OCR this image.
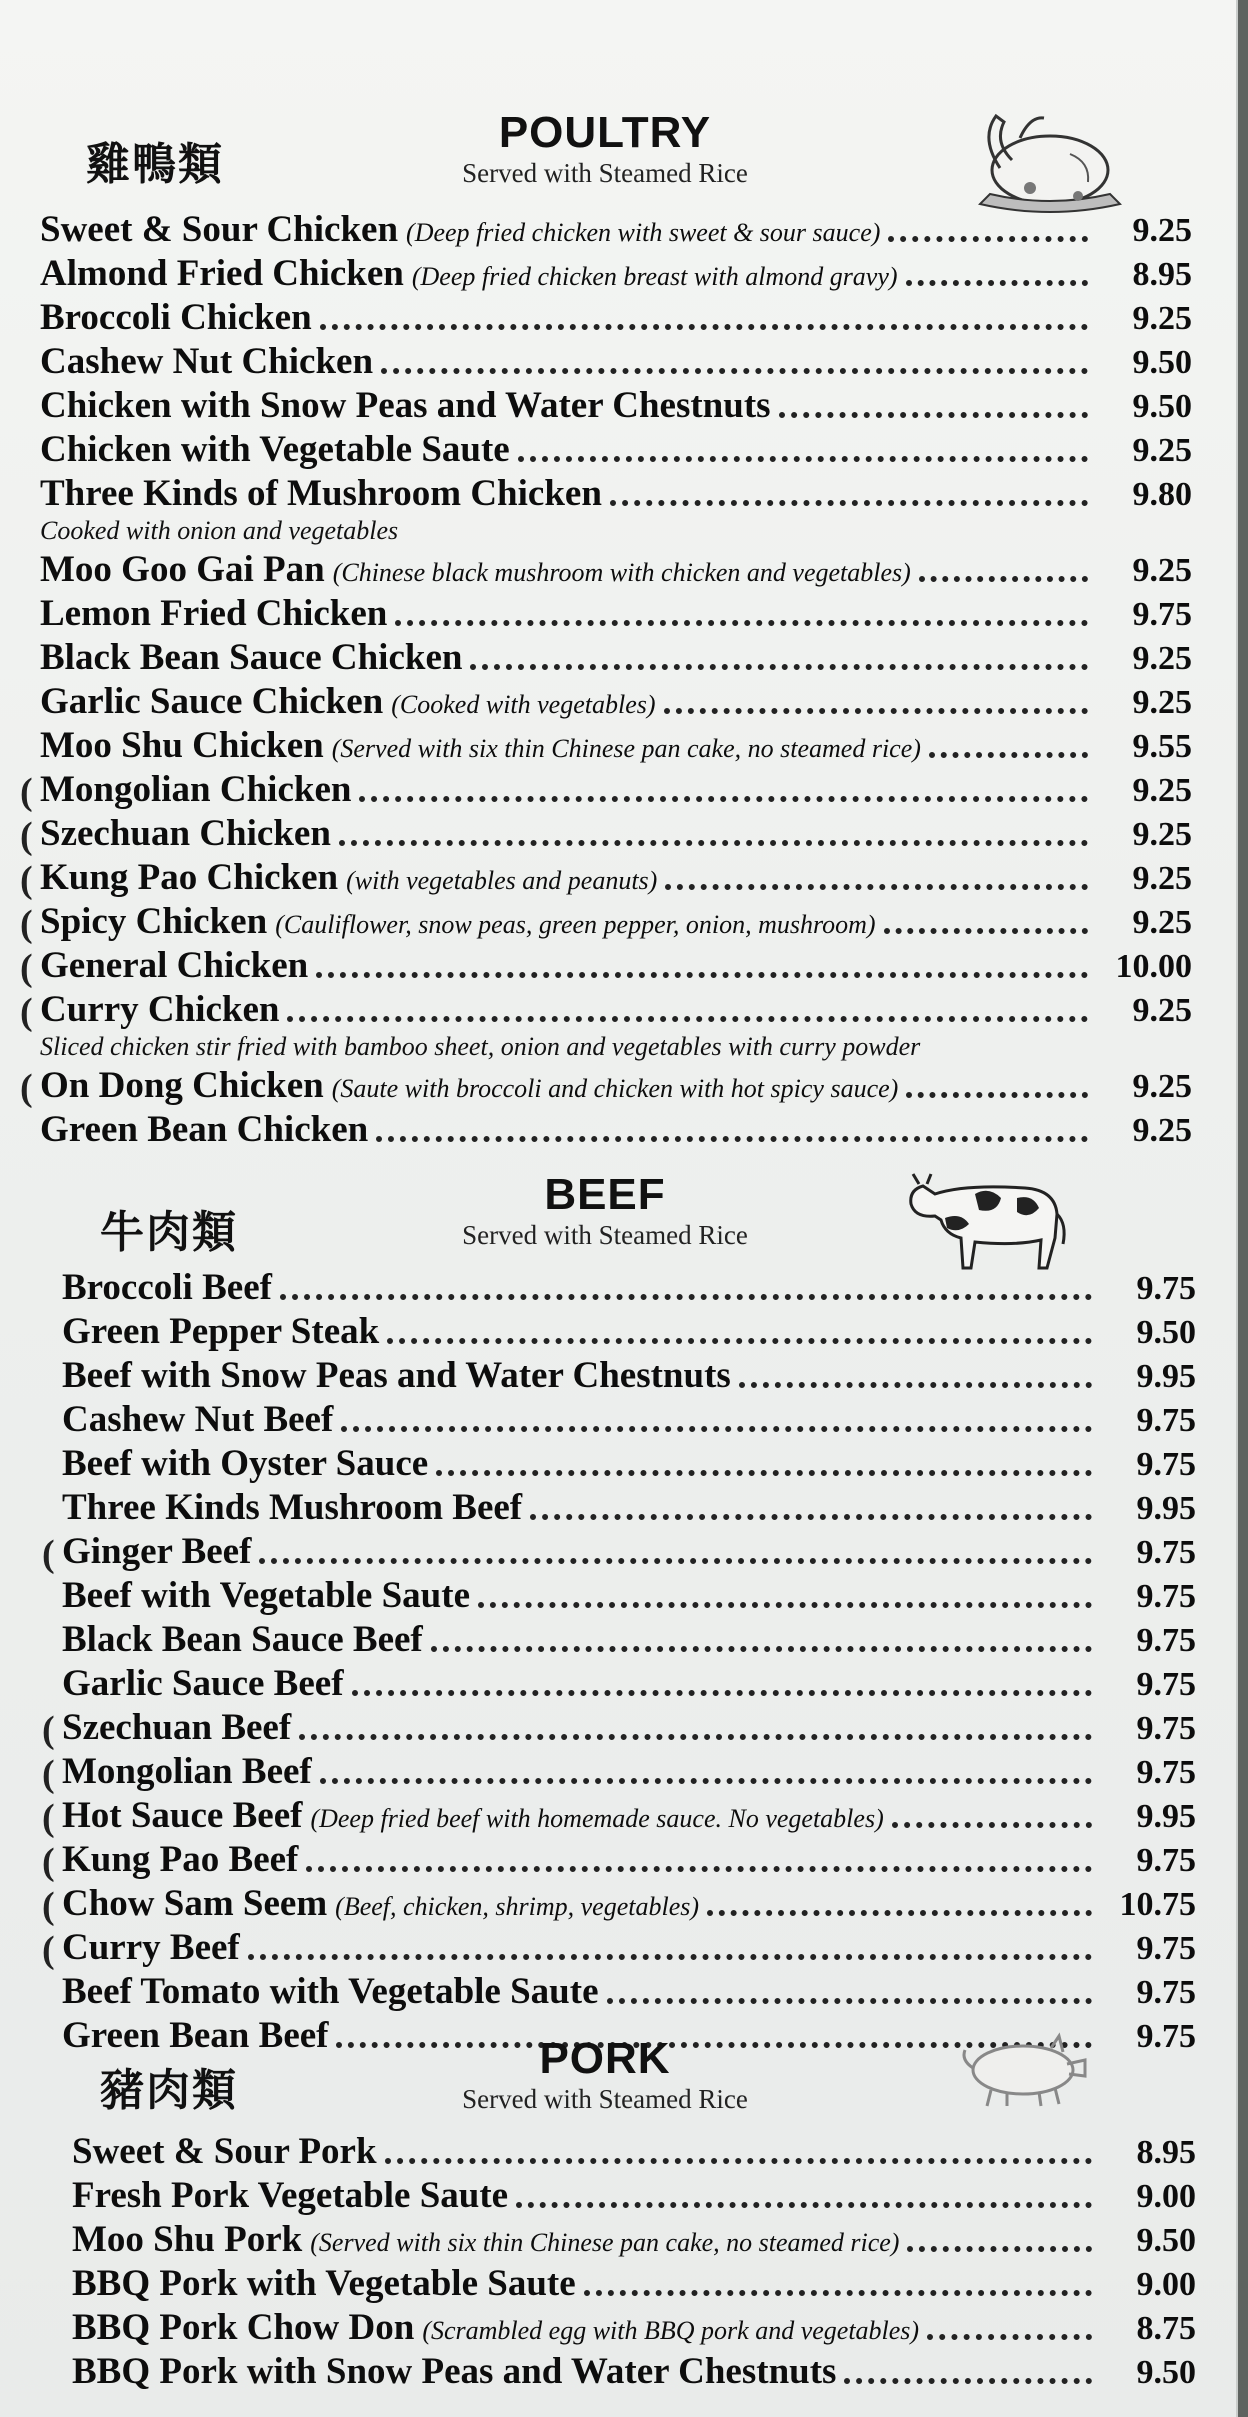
雞鴨類
POULTRY
Served with Steamed Rice
Sweet & Sour Chicken (Deep fried chicken with sweet & sour sauce)	9.25
Almond Fried Chicken (Deep fried chicken breast with almond gravy)	8.95
Broccoli Chicken	9.25
Cashew Nut Chicken	9.50
Chicken with Snow Peas and Water Chestnuts	9.50
Chicken with Vegetable Saute	9.25
Three Kinds of Mushroom Chicken	9.80
Cooked with onion and vegetables
Moo Goo Gai Pan (Chinese black mushroom with chicken and vegetables)	9.25
Lemon Fried Chicken	9.75
Black Bean Sauce Chicken	9.25
Garlic Sauce Chicken (Cooked with vegetables)	9.25
Moo Shu Chicken (Served with six thin Chinese pan cake, no steamed rice)	9.55
( Mongolian Chicken	9.25
( Szechuan Chicken	9.25
( Kung Pao Chicken (with vegetables and peanuts)	9.25
( Spicy Chicken (Cauliflower, snow peas, green pepper, onion, mushroom)	9.25
( General Chicken	10.00
( Curry Chicken	9.25
Sliced chicken stir fried with bamboo sheet, onion and vegetables with curry powder
( On Dong Chicken (Saute with broccoli and chicken with hot spicy sauce)	9.25
Green Bean Chicken	9.25
牛肉類
BEEF
Served with Steamed Rice
Broccoli Beef	9.75
Green Pepper Steak	9.50
Beef with Snow Peas and Water Chestnuts	9.95
Cashew Nut Beef	9.75
Beef with Oyster Sauce	9.75
Three Kinds Mushroom Beef	9.95
( Ginger Beef	9.75
Beef with Vegetable Saute	9.75
Black Bean Sauce Beef	9.75
Garlic Sauce Beef	9.75
( Szechuan Beef	9.75
( Mongolian Beef	9.75
( Hot Sauce Beef (Deep fried beef with homemade sauce. No vegetables)	9.95
( Kung Pao Beef	9.75
( Chow Sam Seem (Beef, chicken, shrimp, vegetables)	10.75
( Curry Beef	9.75
Beef Tomato with Vegetable Saute	9.75
Green Bean Beef	9.75
豬肉類
PORK
Served with Steamed Rice
Sweet & Sour Pork	8.95
Fresh Pork Vegetable Saute	9.00
Moo Shu Pork (Served with six thin Chinese pan cake, no steamed rice)	9.50
BBQ Pork with Vegetable Saute	9.00
BBQ Pork Chow Don (Scrambled egg with BBQ pork and vegetables)	8.75
BBQ Pork with Snow Peas and Water Chestnuts	9.50
